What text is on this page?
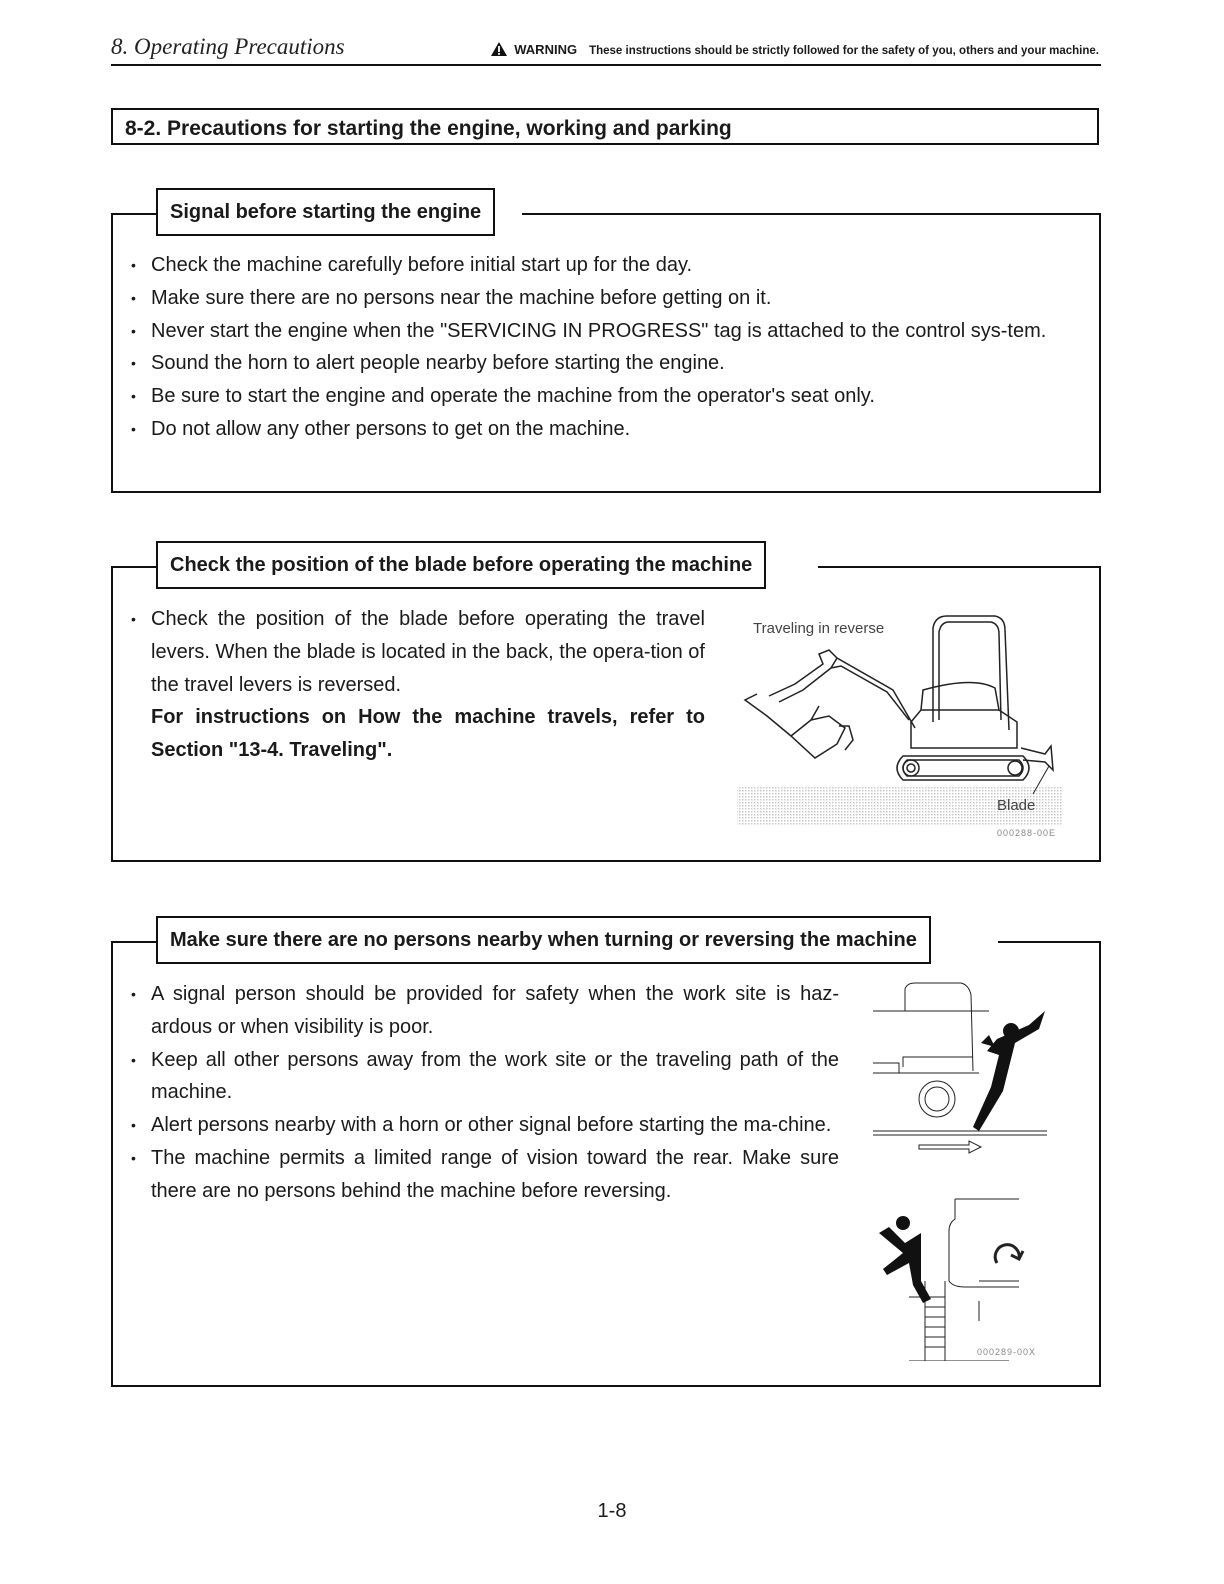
8. Operating Precautions	WARNING These instructions should be strictly followed for the safety of you, others and your machine.
8-2. Precautions for starting the engine, working and parking
Signal before starting the engine
• Check the machine carefully before initial start up for the day.
• Make sure there are no persons near the machine before getting on it.
• Never start the engine when the "SERVICING IN PROGRESS" tag is attached to the control sys-tem.
• Sound the horn to alert people nearby before starting the engine.
• Be sure to start the engine and operate the machine from the operator's seat only.
• Do not allow any other persons to get on the machine.
Check the position of the blade before operating the machine
• Check the position of the blade before operating the travel levers. When the blade is located in the back, the opera-tion of the travel levers is reversed.
For instructions on How the machine travels, refer to Section "13-4. Traveling".
Traveling in reverse
Blade
000288-00E
Make sure there are no persons nearby when turning or reversing the machine
• A signal person should be provided for safety when the work site is haz-ardous or when visibility is poor.
• Keep all other persons away from the work site or the traveling path of the machine.
• Alert persons nearby with a horn or other signal before starting the ma-chine.
• The machine permits a limited range of vision toward the rear. Make sure there are no persons behind the machine before reversing.
000289-00X
1-8
